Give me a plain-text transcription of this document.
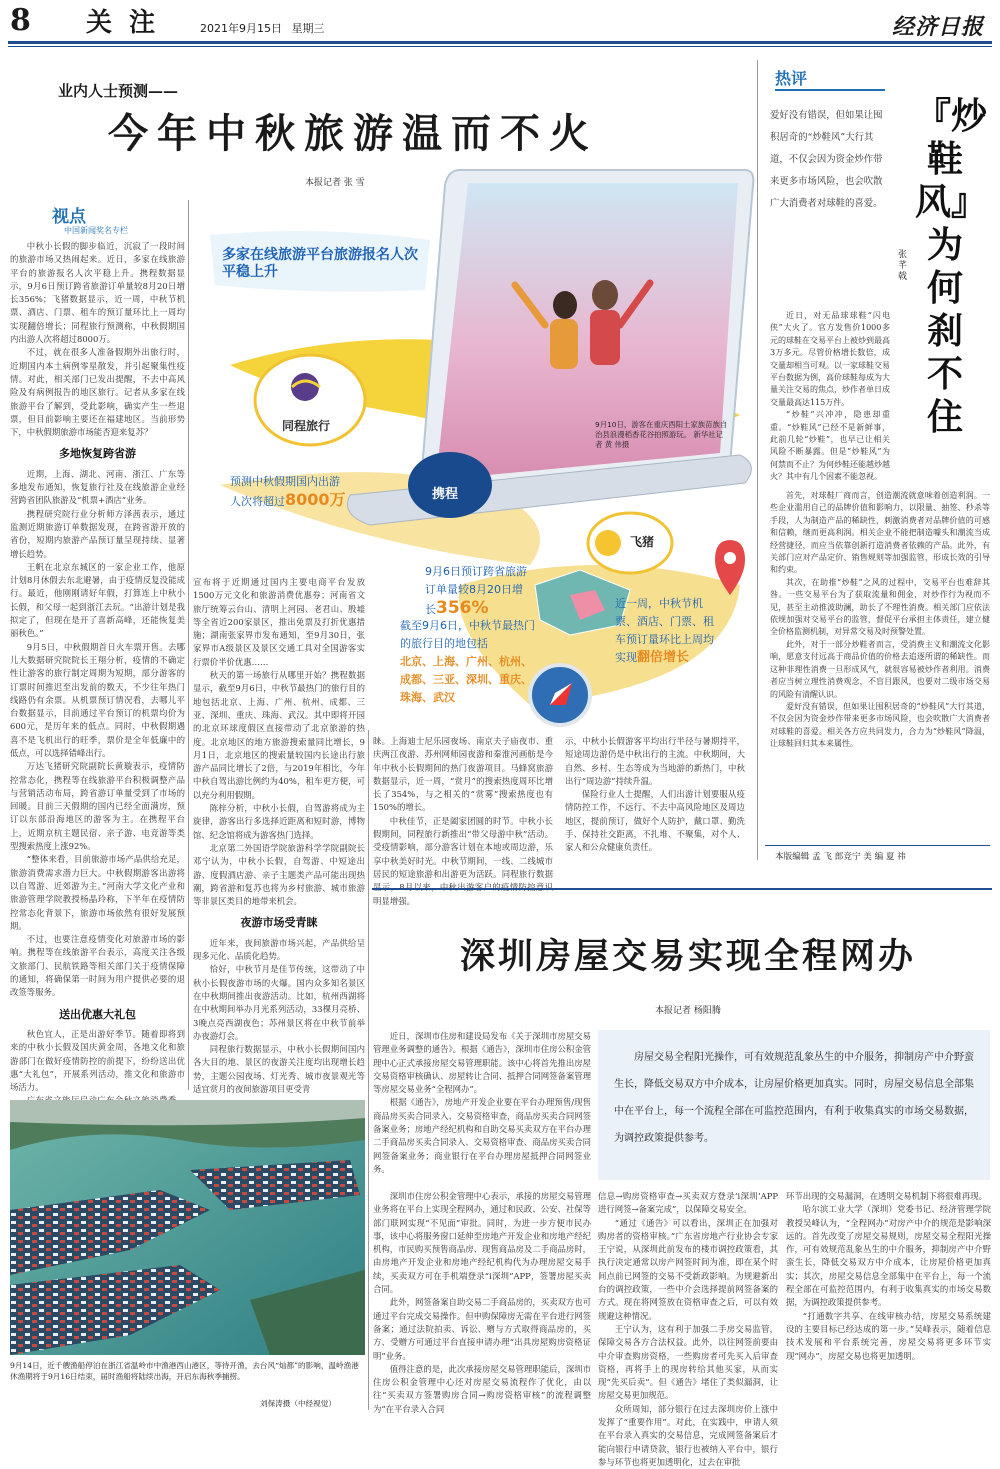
8 关 注	2021年9月15日 星期三	经济日报
业内人士预测——
今年中秋旅游温而不火
本报记者 张 雪
视点
中国新闻奖名专栏
多家在线旅游平台旅游报名人次平稳上升
同程旅行
预测中秋假期国内出游
人次将超过8000万	携程
9月6日预订跨省旅游
订单量较8月20日增
长356%
截至9月6日，中秋节最热门的旅行目的地包括
北京、上海、广州、杭州、成都、三亚、深圳、重庆、珠海、武汉
飞猪
近一周，中秋节机票、酒店、门票、租车预订量环比上周均实现翻倍增长
9月10日，游客在重庆酉阳土家族苗族自治县浪漫稻香花谷拍照游玩。 新华社记者 黄 伟摄

中秋小长假的脚步临近，沉寂了一段时间的旅游市场又热闹起来。近日，多家在线旅游平台的旅游报名人次平稳上升。携程数据显示，9月6日预订跨省旅游订单量较8月20日增长356%；飞猪数据显示，近一周，中秋节机票、酒店、门票、租车的预订量环比上一周均实现翻倍增长；同程旅行预测称，中秋假期国内出游人次将超过8000万。

不过，就在很多人准备假期外出旅行时，近期国内本土病例零星散发，并引起聚集性疫情。对此，相关部门已发出提醒，不去中高风险及有病例报告的地区旅行。记者从多家在线旅游平台了解到，受此影响，确实产生一些退票，但目前影响主要还在福建地区。当前形势下，中秋假期旅游市场能否迎来复苏？

多地恢复跨省游

近期，上海、湖北、河南、浙江、广东等多地发布通知，恢复旅行社及在线旅游企业经营跨省团队旅游及“机票+酒店”业务。

携程研究院行业分析师方泽茜表示，通过监测近期旅游订单数据发现，在跨省游开放的省份，短期内旅游产品预订量呈现持续、显著增长趋势。

王帆在北京东城区的一家企业工作，他原计划8月休假去东北避暑，由于疫情反复没能成行。最近，他刚刚请好年假，打算连上中秋小长假，和父母一起到浙江去玩。“出游计划是我拟定了，但现在是开了喜新高峰，还能恢复美丽秋色。”

9月5日，中秋假期首日火车票开售。去哪儿大数据研究院院长王翔分析，疫情的不确定性让游客的旅行制定周期为短期，部分游客的订票时间推迟至出发前的数天，不少往年热门线路仍有余票。从机票预订情况看，去哪儿平台数据显示，目前通过平台预订的机票均价为600元，是历年来的低点。同时，中秋假期遇喜不是飞机出行的旺季，票价是全年低廉中的低点，可以选择错峰出行。

万达飞猪研究院副院长黄璇表示，疫情防控常态化，携程等在线旅游平台积极调整产品与营销活动布局，跨省游订单量受到了市场的回暖。目前三天假期的国内已经全面满房，预订以东部沿海地区的游客为主。在携程平台上，近期京杭主题民宿、亲子游、电竞游等类型搜索热度上涨92%。

“整体来看，目前旅游市场产品供给充足，旅游消费需求潜力巨大。中秋假期游客出游将以自驾游、近郊游为主。”河南大学文化产业和旅游管理学院教授杨晶玲称，下半年在疫情防控常态化背景下，旅游市场依然有很好发展预期。

不过，也要注意疫情变化对旅游市场的影响。携程等在线旅游平台表示，高度关注各级文旅部门、民航铁路等相关部门关于疫情保障的通知，将确保第一时间为用户提供必要的退改签等服务。

送出优惠大礼包

秋色宜人，正是出游好季节。随着即将到来的中秋小长假及国庆黄金周，各地文化和旅游部门在做好疫情防控的前提下，纷纷送出优惠“大礼包”，开展系列活动，推文化和旅游市场活力。

宣布将于近期通过国内主要电商平台发放1500万元文化和旅游消费优惠券；河南省文旅厅统筹云台山、清明上河园、老君山、殷墟等全省近200家景区，推出免票及打折优惠措施；湖南张家界市发布通知，至9月30日，张家界市A级景区及景区交通工具对全国游客实行票价半价优惠……

秋天的第一场旅行从哪里开始？携程数据显示，截至9月6日，中秋节最热门的旅行目的地包括北京、上海、广州、杭州、成都、三亚、深圳、重庆、珠海、武汉。其中即将开园的北京环球度假区直接带动了北京旅游的热度。北京地区的地方旅游搜索量同比增长，9月1日，北京地区的搜索量较国内长途出行旅游产品同比增长了2倍，与2019年相比，今年中秋自驾出游比例约为40%，租车更方便，可以充分利用假期。

陈梓分析，中秋小长假，自驾游将成为主旋律，游客出行多选择近距离和短时游，博物馆、纪念馆将成为游客热门选择。

北京第二外国语学院旅游科学学院副院长邓宁认为，中秋小长假，自驾游、中短途出游、度假酒店游、亲子主题类产品可能出现热潮，跨省游和复苏也将为乡村旅游、城市旅游等非景区类目的地带来机会。

夜游市场受青睐

近年来，夜间旅游市场兴起，产品供给呈现多元化、品质化趋势。

恰好，中秋节月是佳节传统，这带动了中秋小长假夜游市场的火爆。国内众多知名景区在中秋期间推出夜游活动。比如，杭州西湖将在中秋期间举办月光系列活动，33棵月亮桥、3晚点亮西湖夜色；苏州景区将在中秋节前举办夜游灯会。

同程旅行数据显示，中秋小长假期间国内各大目的地、景区的夜游关注度均出现增长趋势，主题公园夜场、灯光秀、城市夜景观光等适宜赏月的夜间旅游项目更受青

睐。上海迪士尼乐园夜场、南京夫子庙夜市、重庆两江夜游、苏州网师园夜游和秦淮河画舫是今年中秋小长假期间的热门夜游项目。马蜂窝旅游数据显示，近一周，“赏月”的搜索热度周环比增长了354%，与之相关的“赏雾”搜索热度也有150%的增长。

中秋佳节，正是阖家团圆的时节。中秋小长假期间，同程旅行新推出“带父母游中秋”活动。受疫情影响，部分游客计划在本地或周边游，乐享中秋美好时光。中秋节期间，一线、二线城市居民的短途旅游和出游更为活跃。同程旅行数据 明显增强。

示，中秋小长假游客平均出行半径与暑期持平，短途周边游仍是中秋出行的主流。中秋期间，大自然、乡村、生态等成为当地游的新热门，中秋出行“周边游”持续升温。

保险行业人士提醒，人们出游计划要服从疫情防控工作，不远行、不去中高风险地区及周边地区，提前预订，做好个人防护，戴口罩、勤洗手、保持社交距离，不扎堆、不聚集，对个人、家人和公众健康负责任。

9月14日，近千艘渔船停泊在浙江省温岭市中渔港西山港区，等待开渔，去台风“灿都”的影响，温岭渔港休渔期将于9月16日结束，届时渔船将陆续出海，开启东海秋季捕捞。
刘保涛摄（中经视觉）
热评
爱好没有错误，但如果让囤积居奇的“炒鞋风”大行其道，不仅会因为资金炒作带来更多市场风险，也会吹散广大消费者对球鞋的喜爱。
『炒
鞋
风』
为
何
刹
不
住
张 芊 戟

近日，对无品球球鞋“闪电侠”大火了。官方发售价1000多元的球鞋在交易平台上被炒到最高3万多元。尽管价格增长数倍，成交量却相当可观。以一家球鞋交易平台数据为例，高价球鞋每成为大量关注交易的焦点，炒作者单日成交量最高达115万件。

“炒鞋”兴冲冲，隐患却重重。“炒鞋风”已经不是新鲜事，此前几轮“炒鞋”，也早已让相关风险不断暴露。但是“炒鞋风”为何禁而不止？为何炒鞋还能越炒越火？其中有几个因素不能忽视。

首先，对球鞋厂商而言，创造潮流就意味着创造利润。一些企业滥用自己的品牌价值和影响力，以限量、抽签、秒杀等手段，人为制造产品的稀缺性，刺激消费者对品牌价值的可感和信赖，继而更高利润。相关企业不能把制造噱头和潮流当成经营捷径，而应当依靠创新打造消费者依赖的产品。此外，有关部门应对产品定价、销售规则等加强监管，形成长效的引导和约束。

其次，在助推“炒鞋”之风的过程中，交易平台也难辞其咎。一些交易平台为了获取流量和佣金，对炒作行为视而不见，甚至主动推波助澜，助长了不理性消费。相关部门应依法依规加强对交易平台的监管，督促平台承担主体责任，建立健全价格监测机制，对异常交易及时预警处置。

此外，对于一部分炒鞋者而言，受消费主义和潮流文化影响，愿意支付远高于商品价值的价格去追逐所谓的稀缺性。而这种非理性消费一旦形成风气，就很容易被炒作者利用。消费者应当树立理性消费观念，不盲目跟风，也要对二级市场交易的风险有清醒认识。

爱好没有错误，但如果让囤积居奇的“炒鞋风”大行其道，不仅会因为资金炒作带来更多市场风险，也会吹散广大消费者对球鞋的喜爱。相关各方应共同发力，合力为“炒鞋风”降温，让球鞋回归其本来属性。

本版编辑 孟 飞 郎竞宁 美 编 夏 祎
深圳房屋交易实现全程网办
本报记者 杨阳腾
房屋交易全程阳光操作，可有效规范乱象丛生的中介服务，抑制房产中介野蛮生长，降低交易双方中介成本，让房屋价格更加真实。同时，房屋交易信息全部集中在平台上，每一个流程全部在可监控范围内，有利于收集真实的市场交易数据，为调控政策提供参考。

近日，深圳市住房和建设局发布《关于深圳市房屋交易管理业务调整的通告》。根据《通告》，深圳市住房公积金管理中心正式承接房屋交易管理职能。该中心将首先推出房屋交易资格审核确认、房屋转让合同、抵押合同网签备案管理等房屋交易业务“全程网办”。

根据《通告》，房地产开发企业要在平台办理预售/现售商品房买卖合同录入、交易资格审查，商品房买卖合同网签备案业务；房地产经纪机构和自助交易买卖双方在平台办理二手商品房买卖合同录入、交易资格审查、商品房买卖合同网签备案业务；商业银行在平台办理房屋抵押合同网签业务。

深圳市住房公积金管理中心表示，承接的房屋交易管理业务将在平台上实现全程网办，通过和民政、公安、社保等部门联网实现“不见面”审批。同时，为进一步方便市民办事，该中心将服务窗口延伸至房地产开发企业和房地产经纪机构，市民购买预售商品房、现售商品房及二手商品房时，由房地产开发企业和房地产经纪机构代为办理房屋交易手续，买卖双方可在手机端登录“i深圳”APP，签署房屋买卖合同。

此外，网签备案自助交易二手商品房的，买卖双方也可通过平台完成交易操作。但申购保障房无需在平台进行网签备案；通过法院拍卖、诉讼、赠与方式取得商品房的，买方、受赠方可通过平台直接申请办理“出具房屋购房资格证明”业务。

值得注意的是，此次承接房屋交易管理职能后，深圳市住房公积金管理中心还对房屋交易流程作了优化，由以往“买卖双方签署购房合同→购房资格审核”的流程调整为“在平台录入合同

信息→购房资格审查→买卖双方登录‘i深圳’APP进行网签→备案完成”，以保障交易安全。

“通过《通告》可以看出，深圳正在加强对购房者的资格审核。”广东省房地产行业协会专家王宁说，从深圳此前发布的楼市调控政策看，其执行决定通常以房产网签时间为准，即在某个时间点前已网签的交易不受新政影响。为规避新出台的调控政策，一些中介会选择提前网签备案的方式。现在将网签放在资格审查之后，可以有效规避这种情况。

王宁认为，这有利于加强二手房交易监管，保障交易各方合法权益。此外，以往网签前要由中介审查购房资格，一些购房者可先买入后审查资格，再将手上的现房转给其他买家，从而实现“先买后卖”。但《通告》堵住了类似漏洞，让房屋交易更加规范。

众所周知，部分银行在过去深圳房价上涨中发挥了“重要作用”。对此，在实践中，申请人须在平台录入真实的交易信息，完成网签备案后才能向银行申请贷款，银行也被纳入平台中，银行参与环节也将更加透明化，过去在审批

环节出现的交易漏洞，在透明交易机制下将很难再现。

哈尔滨工业大学（深圳）党委书记、经济管理学院教授吴峰认为，“全程网办”对房产中介的规范是影响深远的。首先改变了房屋交易规则，房屋交易全程阳光操作，可有效规范乱象丛生的中介服务，抑制房产中介野蛮生长，降低交易双方中介成本，让房屋价格更加真实；其次，房屋交易信息全部集中在平台上，每一个流程全部在可监控范围内，有利于收集真实的市场交易数据，为调控政策提供参考。

“打通数字共享、在线审核办结，房屋交易系统建设的主要目标已经达成的第一步。”吴峰表示，随着信息技术发展和平台系统完善，房屋交易将更多环节实现“网办”，房屋交易也将更加透明。
